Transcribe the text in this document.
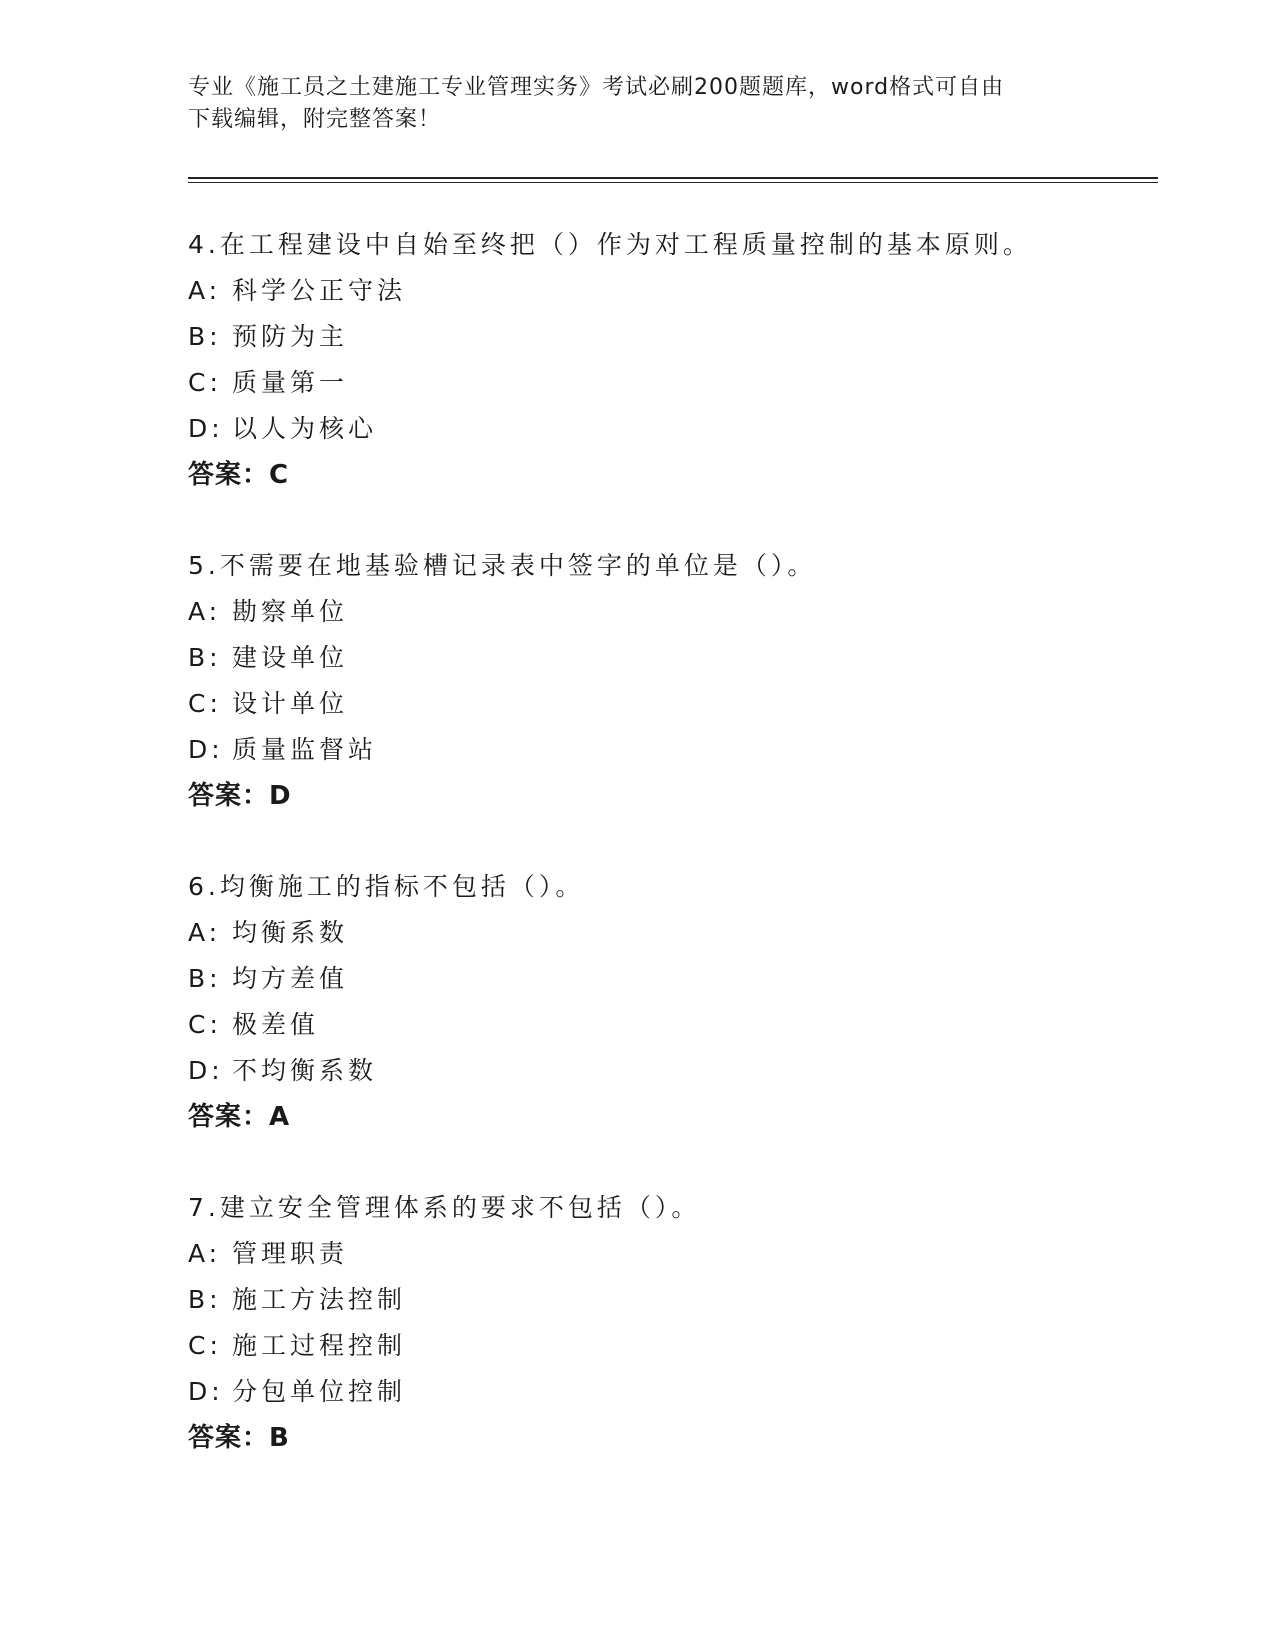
专业《施工员之土建施工专业管理实务》考试必刷200题题库，word格式可自由
下载编辑，附完整答案！
4.在工程建设中自始至终把（）作为对工程质量控制的基本原则。
A: 科学公正守法
B: 预防为主
C: 质量第一
D: 以人为核心
答案：C
5.不需要在地基验槽记录表中签字的单位是（）。
A: 勘察单位
B: 建设单位
C: 设计单位
D: 质量监督站
答案：D
6.均衡施工的指标不包括（）。
A: 均衡系数
B: 均方差值
C: 极差值
D: 不均衡系数
答案：A
7.建立安全管理体系的要求不包括（）。
A: 管理职责
B: 施工方法控制
C: 施工过程控制
D: 分包单位控制
答案：B
